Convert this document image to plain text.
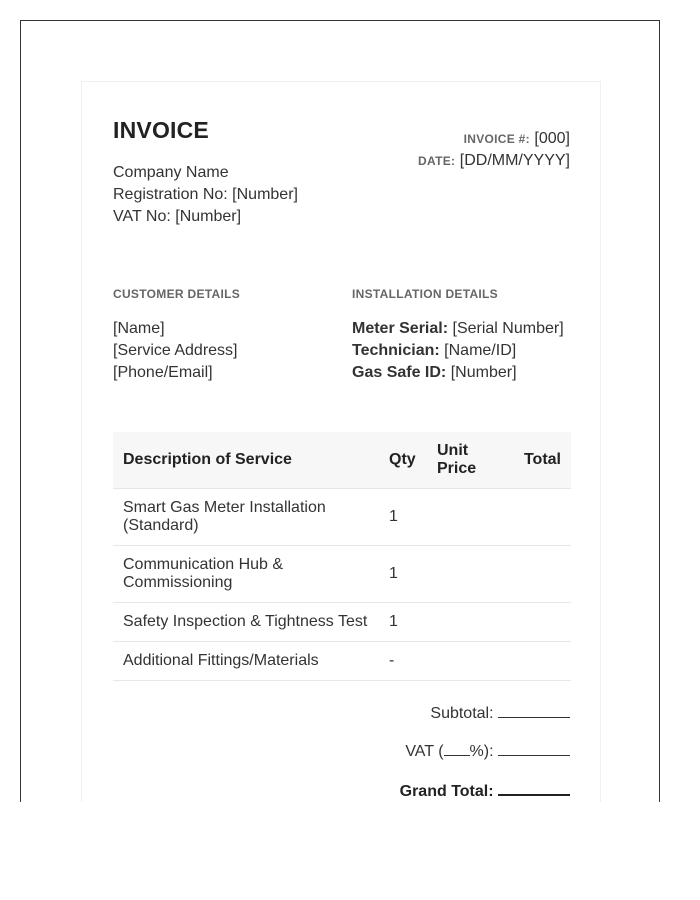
INVOICE
Company Name
Registration No: [Number]
VAT No: [Number]
INVOICE #: [000]
DATE: [DD/MM/YYYY]
CUSTOMER DETAILS
[Name]
[Service Address]
[Phone/Email]
INSTALLATION DETAILS
Meter Serial: [Serial Number]
Technician: [Name/ID]
Gas Safe ID: [Number]
Description of Service	Qty	Unit Price	Total
Smart Gas Meter Installation (Standard)	1		
Communication Hub & Commissioning	1		
Safety Inspection & Tightness Test	1		
Additional Fittings/Materials	-		
Subtotal:
VAT ( %):
Grand Total:
